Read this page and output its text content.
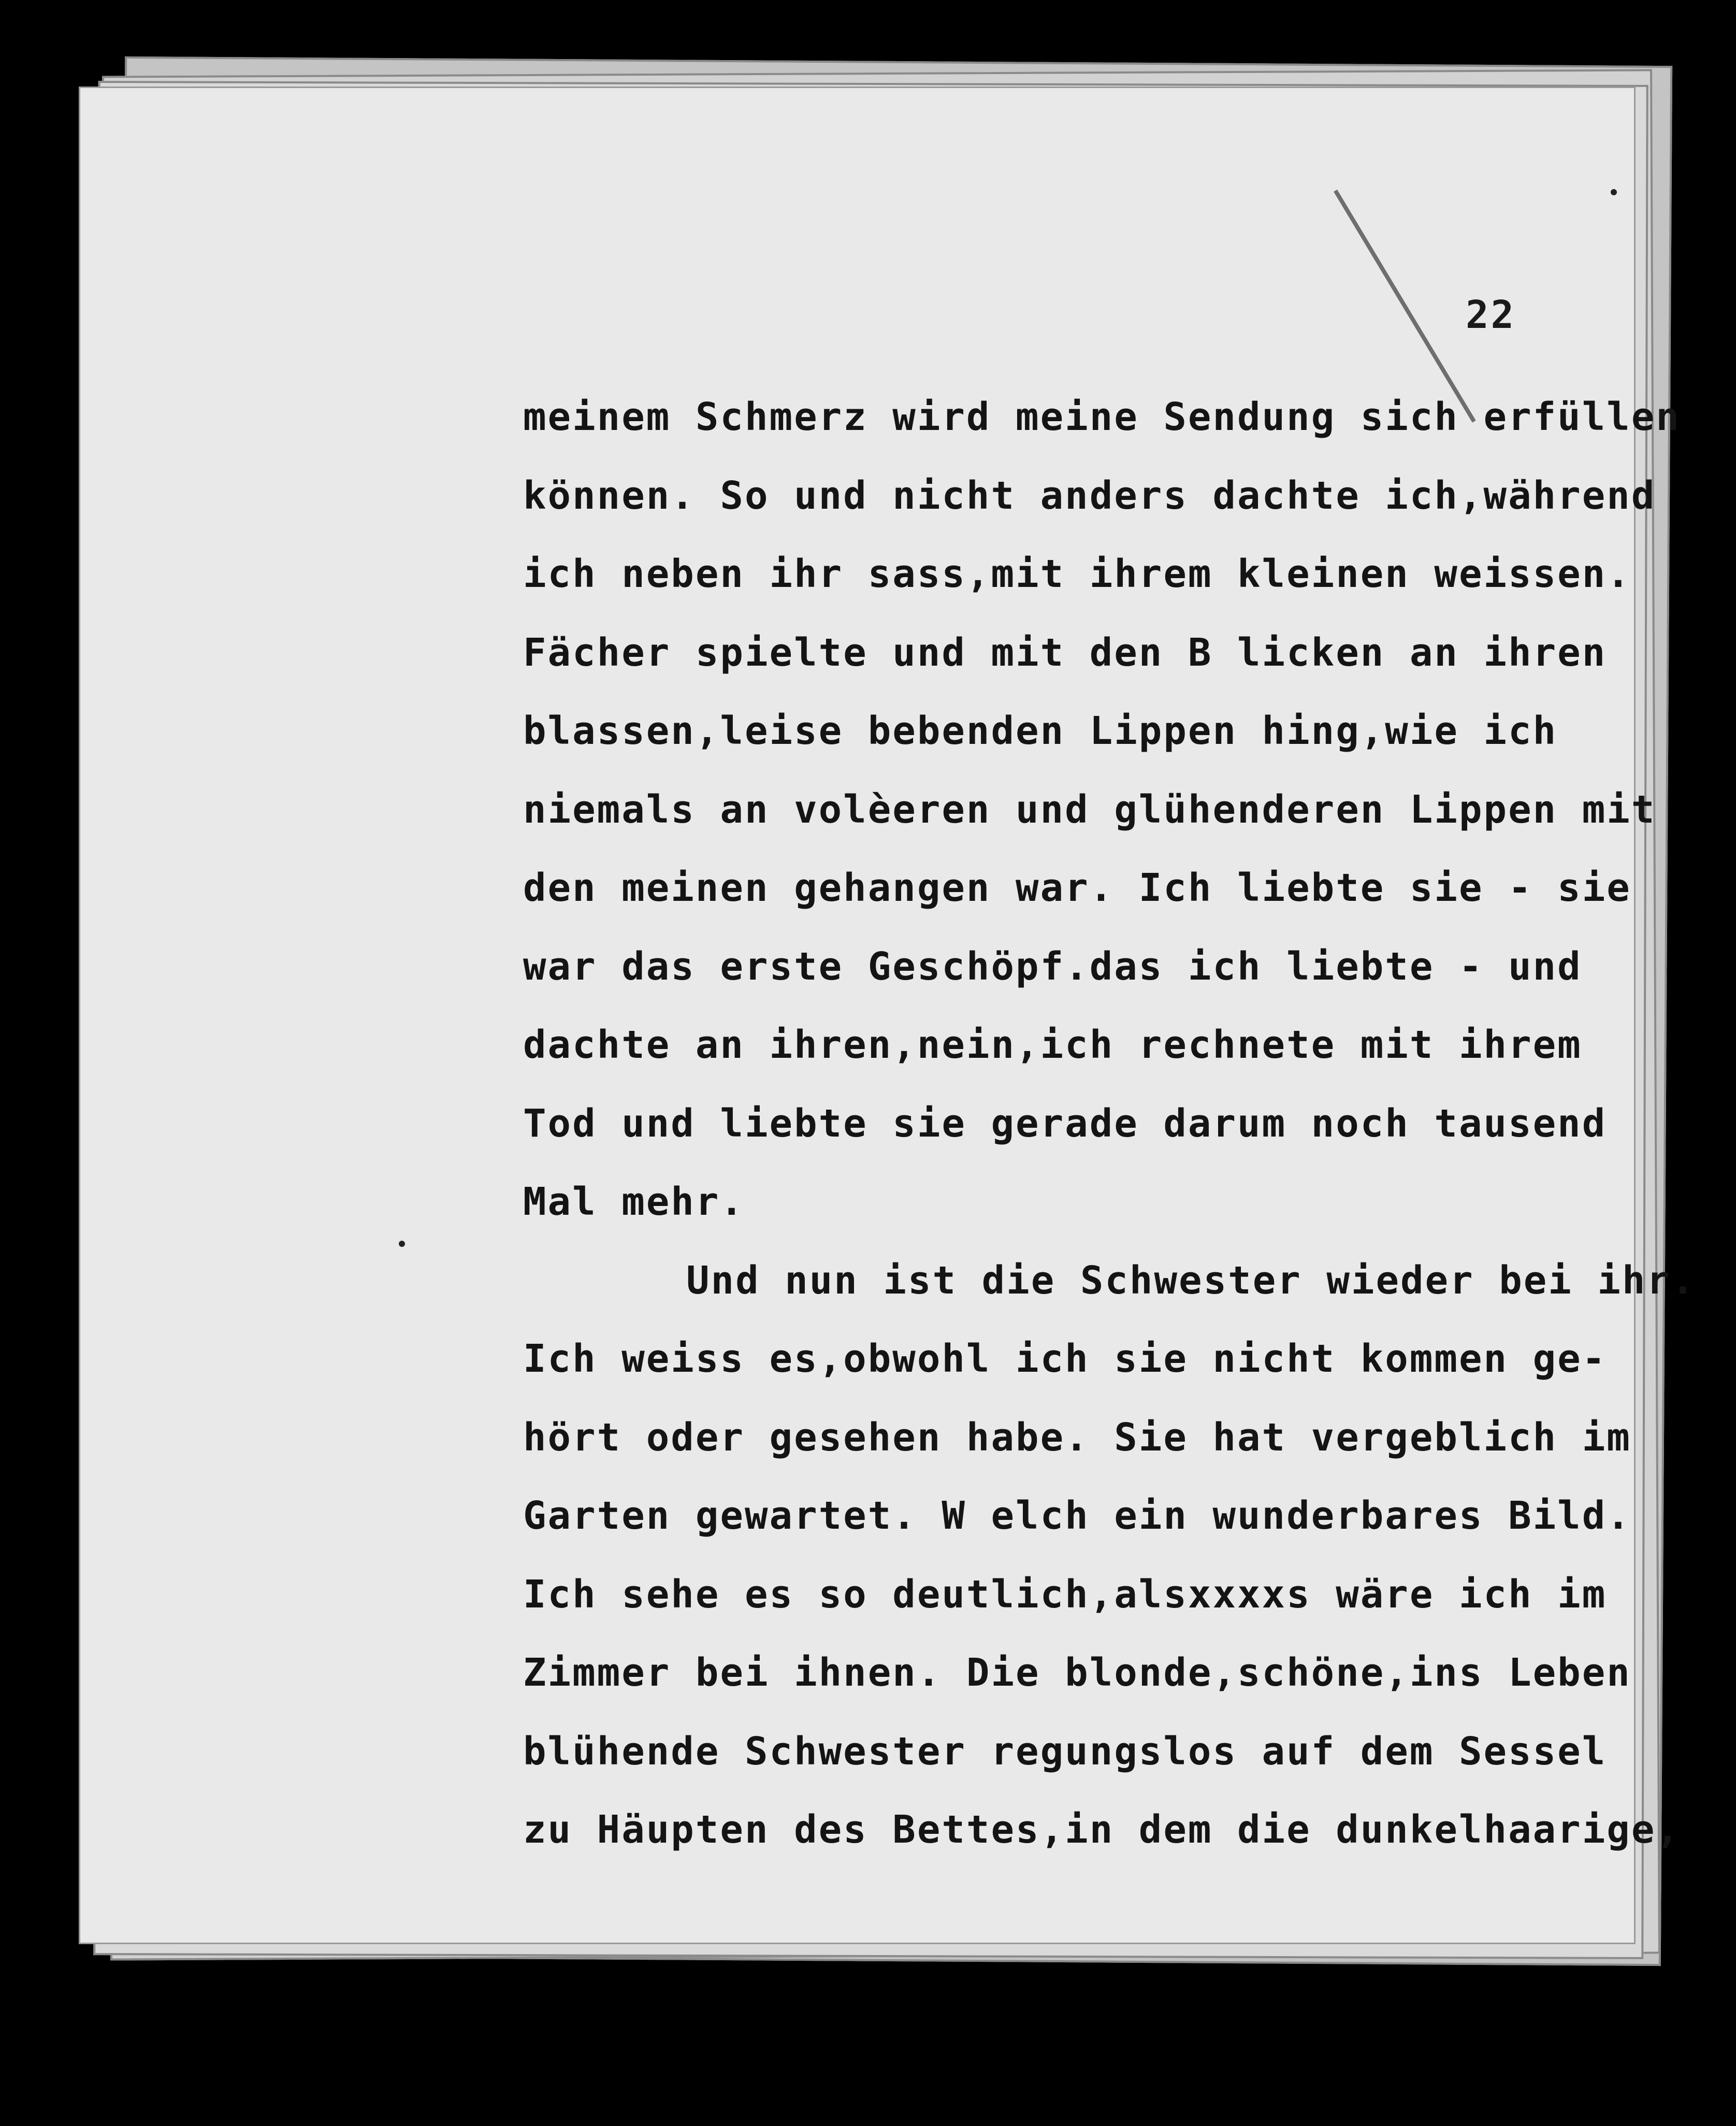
22
meinem Schmerz wird meine Sendung sich erfüllen
können. So und nicht anders dachte ich,während
ich neben ihr sass,mit ihrem kleinen weissen.
Fächer spielte und mit den B licken an ihren
blassen,leise bebenden Lippen hing,wie ich
niemals an volèeren und glühenderen Lippen mit
den meinen gehangen war. Ich liebte sie - sie
war das erste Geschöpf.das ich liebte - und
dachte an ihren,nein,ich rechnete mit ihrem
Tod und liebte sie gerade darum noch tausend
Mal mehr.
Und nun ist die Schwester wieder bei ihr.
Ich weiss es,obwohl ich sie nicht kommen ge-
hört oder gesehen habe. Sie hat vergeblich im
Garten gewartet. W elch ein wunderbares Bild.
Ich sehe es so deutlich,alsxxxxs wäre ich im
Zimmer bei ihnen. Die blonde,schöne,ins Leben
blühende Schwester regungslos auf dem Sessel
zu Häupten des Bettes,in dem die dunkelhaarige,
